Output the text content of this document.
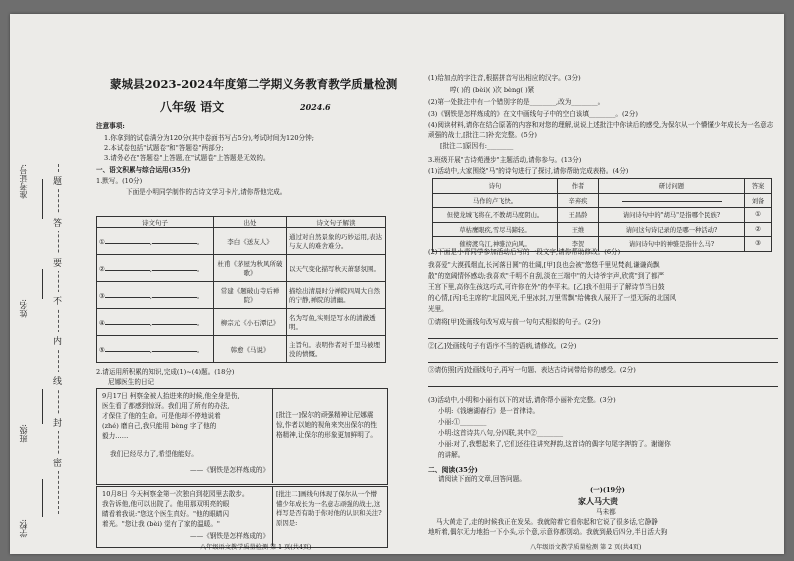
准考证号:
姓名:
班级:
学校:
题
答
要
不
内
线
封
密
蒙城县2023-2024年度第二学期义务教育教学质量检测
八年级 语文	2024.6
注意事项:
1.你拿到的试卷满分为120分(其中卷面书写占5分),考试时间为120分钟;
2.本试卷包括"试题卷"和"答题卷"两部分;
3.请务必在"答题卷"上答题,在"试题卷"上答题是无效的。
一、语文积累与综合运用(35分)
1.默写。(10分)
下面是小明同学制作的古诗文学习卡片,请你帮他完成。
诗文句子	出处	诗文句子解读
① , 。	李白《送友人》	通过对自然景象的巧妙运用,表达与友人的难舍难分。
② , 。	杜甫《茅屋为秋风所破歌》	以天气变化描写秋天萧瑟氛围。
③ , 。	常建《题破山寺后禅院》	描绘出清晨时分禅院四周大自然的宁静,禅院的清幽。
④ , 。	柳宗元《小石潭记》	名为写鱼,实则是写水的清澈透明。
⑤ , 。	韩愈《马说》	主旨句。表明作者对千里马被埋没的愤慨。
2.请运用所积累的知识,完成(1)~(4)题。(18分)
尼娜医生的日记
9月17日 柯察金被人抬进来的时候,他全身是伤,
医生看了都感到惊讶。我们用了所有的办法,
才保住了他的生命。可是他却不停地说着
(zhé) 磨自己,我只能用 bèng 字了他的
毅力……
我们已经尽力了,希望他能好。
——《钢铁是怎样炼成的》
[批注一]保尔的顽强精神让尼娜震惊,作者以她的视角来突出保尔的性格精神,让保尔的形象更加鲜明了。
10月8日 今天柯察金第一次独自到花园里去散步。
我告诉他,他可以出院了。他用那双明亮的眼
睛看着我说:"您这个医生真好。"他的眼睛闪
着光。"您让我 (bèi) 觉有了家的温暖。"
——《钢铁是怎样炼成的》
[批注二]画线句体现了保尔从一个懵懂少年成长为一名意志顽强的战士,这样写是否有助于你对他的认识和关注?原因是:
八年级语文教学质量检测 第 1 页(共4页)
(1)给加点的字注音,根据拼音写出相应的汉字。(3分)
哼( )的 (bèi)( )次 bèng( )紧
(2)第一处批注中有一个错别字的是________,改为________。
(3)《钢铁是怎样炼成的》在文中画线句子中的空白该填________。(2分)
(4)阅读材料,请你在结合原著的内容和对您的理解,说说上述批注中你读后的感受,为保尔从一个懵懂少年成长为一名意志顽强的战士,[批注二]补充完整。(5分)
[批注二]原因有:________
3.班级开展"古诗苑漫步"主题活动,请你参与。(13分)
(1)活动中,大家围绕"马"的诗句进行了探讨,请你帮助完成表格。(4分)
诗句	作者	研讨问题	答案
马作的卢飞快。	辛弃疾		刘备
但使龙城飞将在,不教胡马度阴山。	王昌龄	请问诗句中的"胡马"是指哪个民族?	①
草枯鹰眼疾,雪尽马蹄轻。	王维	请问这句诗记录的是哪一种活动?	②
催榜渡乌江,神骓泣向风。	李贺	请问诗句中的神骓是指什么马?	③
(2)下面是小青同学参加活动后写的一段文字,请你帮助修改。(6分)
我喜爱"大漠孤烟直,长河落日圆"的壮阔,[甲]良也会被"悠悠千里见梵刹,谦谦尚飘
散"的宽阔情怀感动;我喜欢"千明不自刮,淡在三端中"的大诗爷宇声,欣赏"到了都严
王宫下里,高你生孩这巧式,可许你在外"的李平末。[乙]我不但用于了解诗节当日鼓
的心情,[丙]毛主席的"北国风光,千里冰封,万里雪飘"给佛我人展开了一望无际的北国风
光里。
①请将[甲]处画线句改写成与前一句句式相似的句子。(2分)
②[乙]处画线句子有语序不当的语病,请修改。(2分)
③请仿照[丙]处画线句子,再写一句题、表达古诗词带给你的感受。(2分)
(3)活动中,小明和小丽有以下的对话,请你帮小丽补充完整。(3分)
小明:《钱塘湖春行》是一首律诗。
小丽:①________
小明:这首诗共八句,分四联,其中②________
小丽:对了,我想起来了,它们还往往讲究押韵,这首诗的偶字句尾字押韵了。谢谢你
的讲解。
二、阅读(35分)
请阅读下面的文章,回答问题。
(一)(19分)
家人马大责
马未都
马大黄走了,走的时候我正在发呆。我就陪着它看你起和它说了很多话,它静静
地听着,偶尔无力地抬一下小头,示个意,示意你都别动。我就到最后四分,半日活大狗
八年级语文教学质量检测 第 2 页(共4页)
